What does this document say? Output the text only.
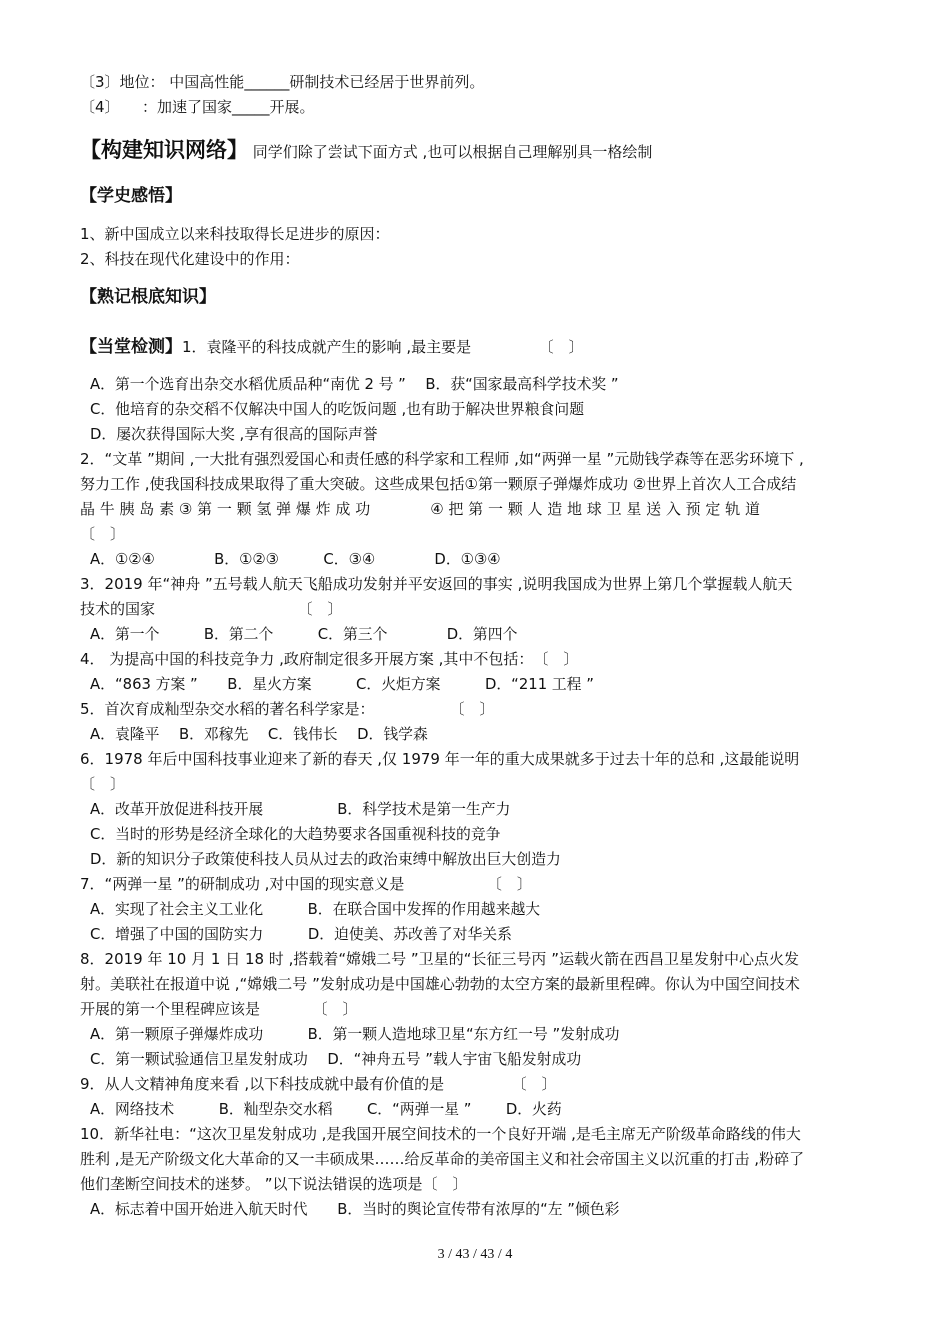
〔3〕地位： 中国高性能______研制技术已经居于世界前列。
〔4〕　　：加速了国家_____开展。
【构建知识网络】 同学们除了尝试下面方式 ,也可以根据自己理解别具一格绘制
【学史感悟】
1、新中国成立以来科技取得长足进步的原因：
2、科技在现代化建设中的作用：
【熟记根底知识】
【当堂检测】1．袁隆平的科技成就产生的影响 ,最主要是　　　　　〔　〕
A．第一个选育出杂交水稻优质品种“南优 2 号 ”　 B．获“国家最高科学技术奖 ”
C．他培育的杂交稻不仅解决中国人的吃饭问题 ,也有助于解决世界粮食问题
D．屡次获得国际大奖 ,享有很高的国际声誉
2．“文革 ”期间 ,一大批有强烈爱国心和责任感的科学家和工程师 ,如“两弹一星 ”元勋钱学森等在恶劣环境下 ,
努力工作 ,使我国科技成果取得了重大突破。这些成果包括①第一颗原子弹爆炸成功 ②世界上首次人工合成结
晶 牛 胰 岛 素 ③ 第 一 颗 氢 弹 爆 炸 成 功　　　　④ 把 第 一 颗 人 造 地 球 卫 星 送 入 预 定 轨 道
〔　〕
A．①②④　　　　B．①②③　　　C．③④　　　　D．①③④
3．2019 年“神舟 ”五号载人航天飞船成功发射并平安返回的事实 ,说明我国成为世界上第几个掌握载人航天
技术的国家　　　　　　　　　　〔　〕
A．第一个　　　B．第二个　　　C．第三个　　　　D．第四个
4． 为提高中国的科技竞争力 ,政府制定很多开展方案 ,其中不包括：　〔　〕
A．“863 方案 ”　　B．星火方案　　　C．火炬方案　　　D．“211 工程 ”
5．首次育成籼型杂交水稻的著名科学家是：　　　　　　〔　〕
A．袁隆平　 B．邓稼先　 C．钱伟长　 D．钱学森
6．1978 年后中国科技事业迎来了新的春天 ,仅 1979 年一年的重大成果就多于过去十年的总和 ,这最能说明
〔　〕
A．改革开放促进科技开展　　　　　B．科学技术是第一生产力
C．当时的形势是经济全球化的大趋势要求各国重视科技的竞争
D．新的知识分子政策使科技人员从过去的政治束缚中解放出巨大创造力
7．“两弹一星 ”的研制成功 ,对中国的现实意义是　　　　　　〔　〕
A．实现了社会主义工业化　　　B．在联合国中发挥的作用越来越大
C．增强了中国的国防实力　　　D．迫使美、苏改善了对华关系
8．2019 年 10 月 1 日 18 时 ,搭载着“嫦娥二号 ”卫星的“长征三号丙 ”运载火箭在西昌卫星发射中心点火发
射。美联社在报道中说 ,“嫦娥二号 ”发射成功是中国雄心勃勃的太空方案的最新里程碑。你认为中国空间技术
开展的第一个里程碑应该是　　　　〔　〕
A．第一颗原子弹爆炸成功　　　B．第一颗人造地球卫星“东方红一号 ”发射成功
C．第一颗试验通信卫星发射成功　 D．“神舟五号 ”载人宇宙飞船发射成功
9．从人文精神角度来看 ,以下科技成就中最有价值的是　　　　　〔　〕
A．网络技术　　　B．籼型杂交水稻　　 C．“两弹一星 ”　　 D．火药
10．新华社电：“这次卫星发射成功 ,是我国开展空间技术的一个良好开端 ,是毛主席无产阶级革命路线的伟大
胜利 ,是无产阶级文化大革命的又一丰硕成果……给反革命的美帝国主义和社会帝国主义以沉重的打击 ,粉碎了
他们垄断空间技术的迷梦。 ”以下说法错误的选项是〔　〕
A．标志着中国开始进入航天时代　　B．当时的舆论宣传带有浓厚的“左 ”倾色彩
3 / 43 / 43 / 4
